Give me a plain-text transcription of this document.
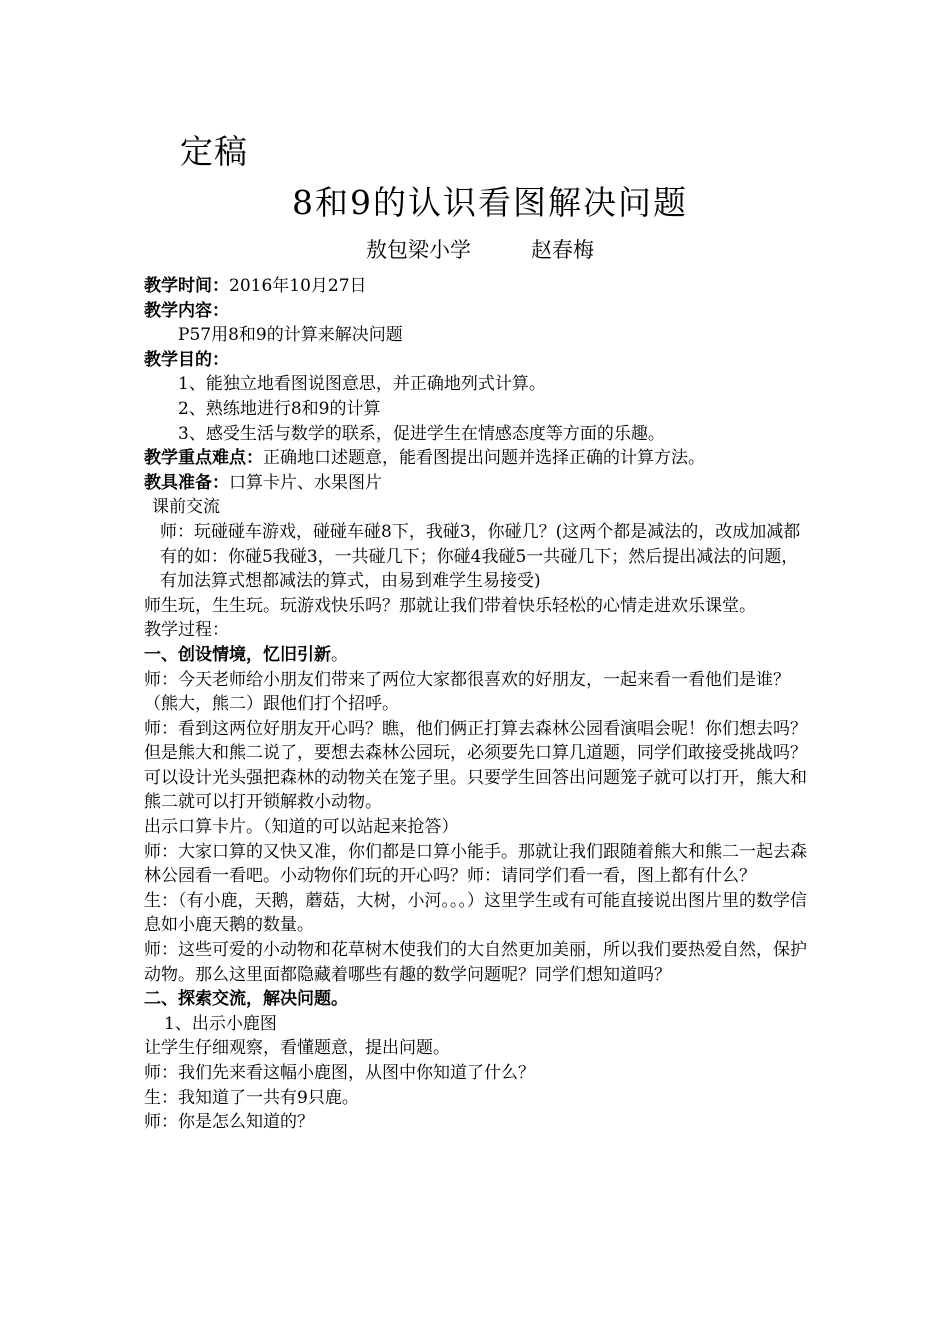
定稿
8和9的认识看图解决问题
敖包梁小学	赵春梅
教学时间：2016年10月27日
教学内容：
P57用8和9的计算来解决问题
教学目的：
1、能独立地看图说图意思，并正确地列式计算。
2、熟练地进行8和9的计算
3、感受生活与数学的联系，促进学生在情感态度等方面的乐趣。
教学重点难点：正确地口述题意，能看图提出问题并选择正确的计算方法。
教具准备：口算卡片、水果图片
课前交流
师：玩碰碰车游戏，碰碰车碰8下，我碰3，你碰几？(这两个都是减法的，改成加减都有的如：你碰5我碰3，一共碰几下；你碰4我碰5一共碰几下；然后提出减法的问题，有加法算式想都减法的算式，由易到难学生易接受)
师生玩，生生玩。玩游戏快乐吗？那就让我们带着快乐轻松的心情走进欢乐课堂。
教学过程：
一、创设情境，忆旧引新。
师：今天老师给小朋友们带来了两位大家都很喜欢的好朋友，一起来看一看他们是谁？（熊大，熊二）跟他们打个招呼。
师：看到这两位好朋友开心吗？瞧，他们俩正打算去森林公园看演唱会呢！你们想去吗？但是熊大和熊二说了，要想去森林公园玩，必须要先口算几道题，同学们敢接受挑战吗？可以设计光头强把森林的动物关在笼子里。只要学生回答出问题笼子就可以打开，熊大和熊二就可以打开锁解救小动物。
出示口算卡片。（知道的可以站起来抢答）
师：大家口算的又快又准，你们都是口算小能手。那就让我们跟随着熊大和熊二一起去森林公园看一看吧。小动物你们玩的开心吗？师：请同学们看一看，图上都有什么？
生：（有小鹿，天鹅，蘑菇，大树，小河。。。）这里学生或有可能直接说出图片里的数学信息如小鹿天鹅的数量。
师：这些可爱的小动物和花草树木使我们的大自然更加美丽，所以我们要热爱自然，保护动物。那么这里面都隐藏着哪些有趣的数学问题呢？同学们想知道吗？
二、探索交流，解决问题。
1、出示小鹿图
让学生仔细观察，看懂题意，提出问题。
师：我们先来看这幅小鹿图，从图中你知道了什么？
生：我知道了一共有9只鹿。
师：你是怎么知道的？
